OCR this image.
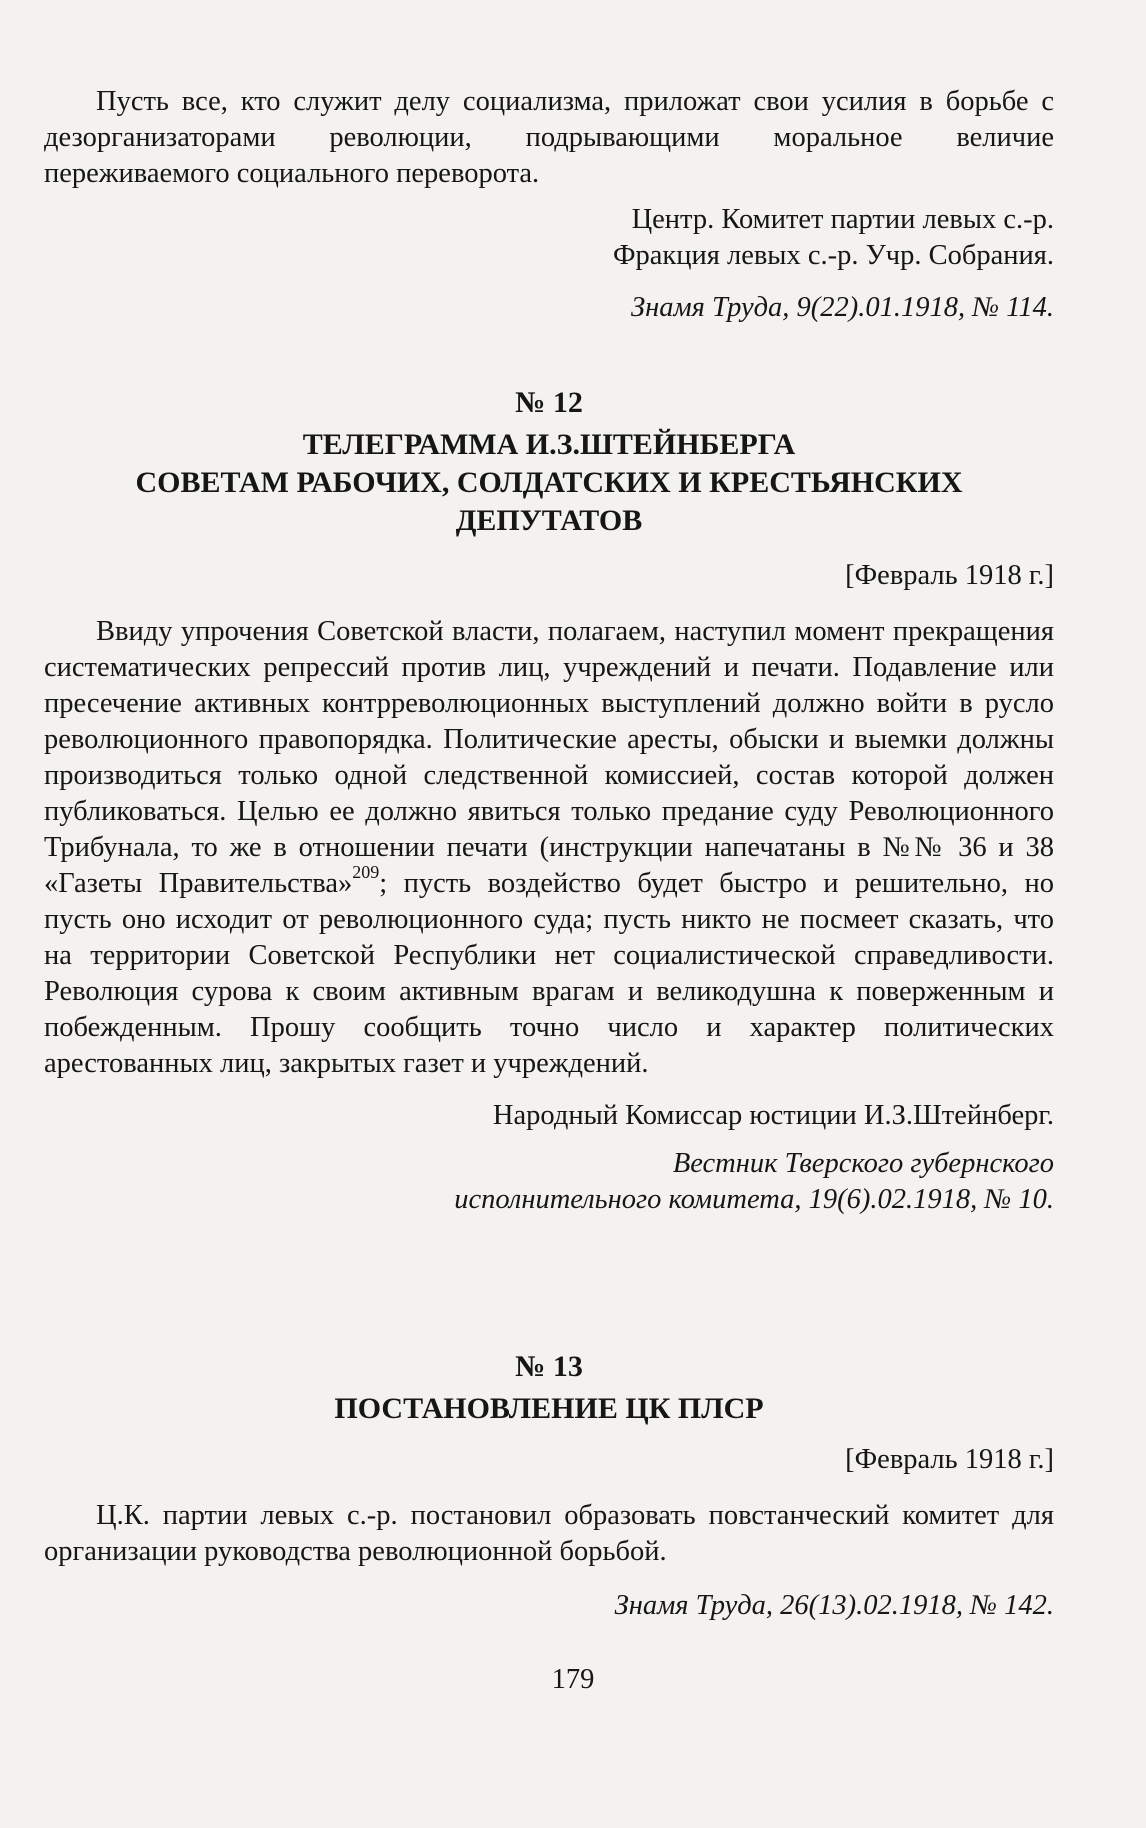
Пусть все, кто служит делу социализма, приложат свои усилия в борьбе с дезорганизаторами революции, подрывающими моральное величие переживаемого социального переворота.

Центр. Комитет партии левых с.-р.

Фракция левых с.-р. Учр. Собрания.

Знамя Труда, 9(22).01.1918, № 114.

№ 12

ТЕЛЕГРАММА И.З.ШТЕЙНБЕРГА

СОВЕТАМ РАБОЧИХ, СОЛДАТСКИХ И КРЕСТЬЯНСКИХ

ДЕПУТАТОВ

[Февраль 1918 г.]

Ввиду упрочения Советской власти, полагаем, наступил момент прекращения систематических репрессий против лиц, учреждений и печати. Подавление или пресечение активных контрреволюционных выступлений должно войти в русло революционного правопорядка. Политические аресты, обыски и выемки должны производиться только одной следственной комиссией, состав которой должен публиковаться. Целью ее должно явиться только предание суду Революционного Трибунала, то же в отношении печати (инструкции напечатаны в №№ 36 и 38 «Газеты Правительства»$^{209}$; пусть воздейство будет быстро и решительно, но пусть оно исходит от революционного суда; пусть никто не посмеет сказать, что на территории Советской Республики нет социалистической справедливости. Революция сурова к своим активным врагам и великодушна к поверженным и побежденным. Прошу сообщить точно число и характер политических арестованных лиц, закрытых газет и учреждений.

Народный Комиссар юстиции И.З.Штейнберг.

Вестник Тверского губернского

исполнительного комитета, 19(6).02.1918, № 10.

№ 13

ПОСТАНОВЛЕНИЕ ЦК ПЛСР

[Февраль 1918 г.]

Ц.К. партии левых с.-р. постановил образовать повстанческий комитет для организации руководства революционной борьбой.

Знамя Труда, 26(13).02.1918, № 142.

179
